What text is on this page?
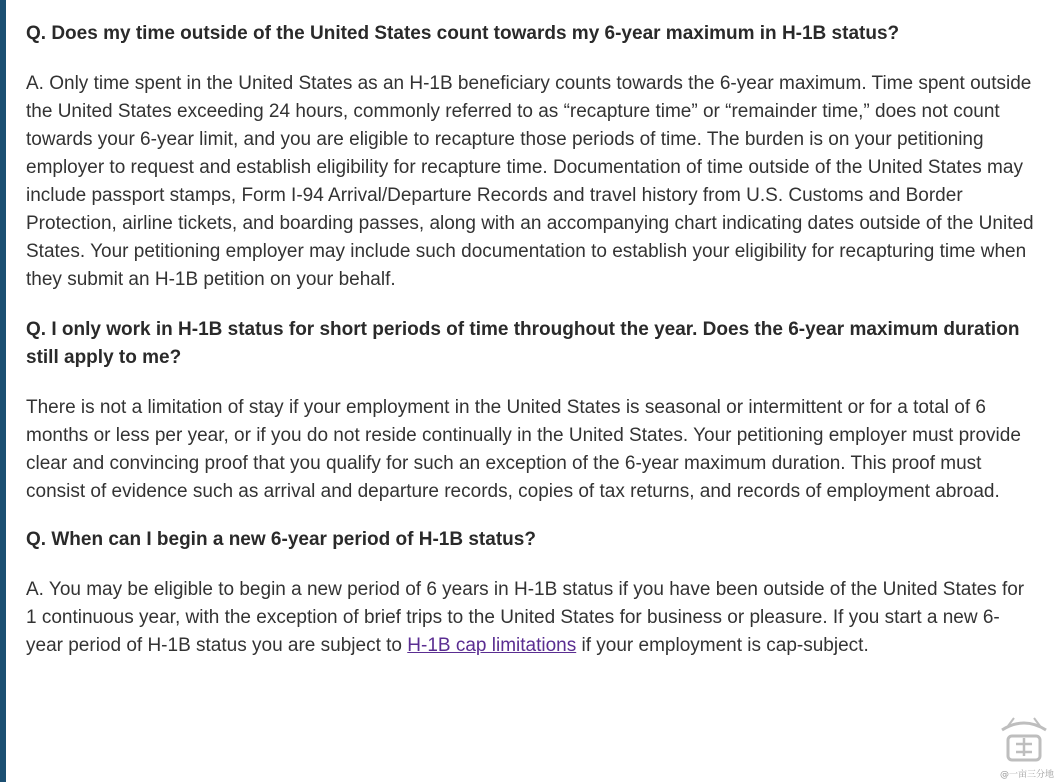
Q. Does my time outside of the United States count towards my 6-year maximum in H-1B status?

A. Only time spent in the United States as an H-1B beneficiary counts towards the 6-year maximum. Time spent outside the United States exceeding 24 hours, commonly referred to as “recapture time” or “remainder time,” does not count towards your 6-year limit, and you are eligible to recapture those periods of time. The burden is on your petitioning employer to request and establish eligibility for recapture time. Documentation of time outside of the United States may include passport stamps, Form I-94 Arrival/Departure Records and travel history from U.S. Customs and Border Protection, airline tickets, and boarding passes, along with an accompanying chart indicating dates outside of the United States. Your petitioning employer may include such documentation to establish your eligibility for recapturing time when they submit an H-1B petition on your behalf.

Q. I only work in H-1B status for short periods of time throughout the year. Does the 6-year maximum duration still apply to me?

There is not a limitation of stay if your employment in the United States is seasonal or intermittent or for a total of 6 months or less per year, or if you do not reside continually in the United States. Your petitioning employer must provide clear and convincing proof that you qualify for such an exception of the 6-year maximum duration. This proof must consist of evidence such as arrival and departure records, copies of tax returns, and records of employment abroad.

Q. When can I begin a new 6-year period of H-1B status?

A. You may be eligible to begin a new period of 6 years in H-1B status if you have been outside of the United States for 1 continuous year, with the exception of brief trips to the United States for business or pleasure. If you start a new 6-year period of H-1B status you are subject to H-1B cap limitations if your employment is cap-subject.

@一亩三分地
